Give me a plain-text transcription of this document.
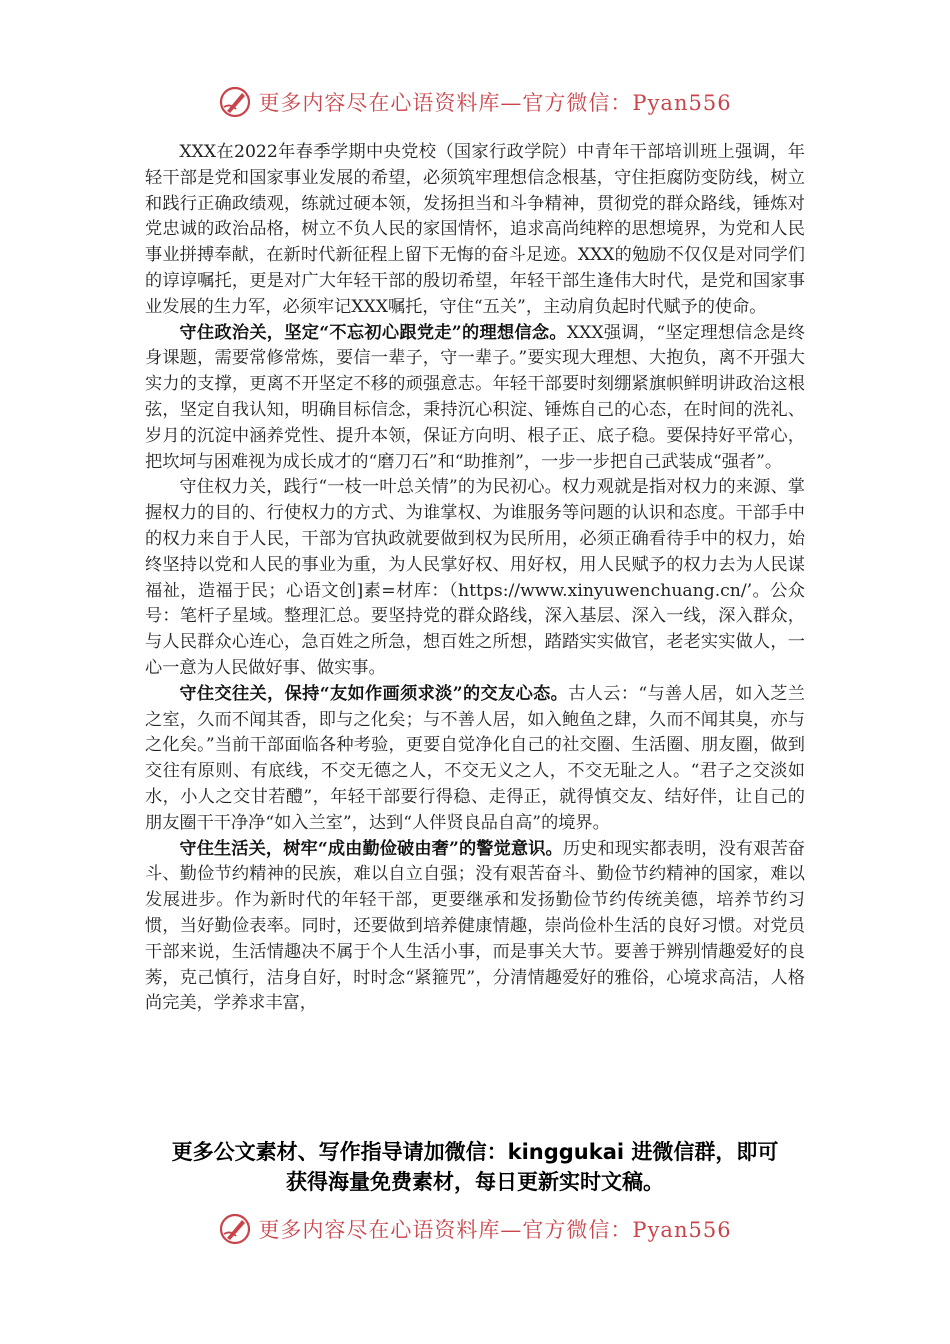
更多内容尽在心语资料库—官方微信：Pyan556

XXX在2022年春季学期中央党校（国家行政学院）中青年干部培训班上强调，年轻干部是党和国家事业发展的希望，必须筑牢理想信念根基，守住拒腐防变防线，树立和践行正确政绩观，练就过硬本领，发扬担当和斗争精神，贯彻党的群众路线，锤炼对党忠诚的政治品格，树立不负人民的家国情怀，追求高尚纯粹的思想境界，为党和人民事业拼搏奉献，在新时代新征程上留下无悔的奋斗足迹。XXX的勉励不仅仅是对同学们的谆谆嘱托，更是对广大年轻干部的殷切希望，年轻干部生逢伟大时代，是党和国家事业发展的生力军，必须牢记XXX嘱托，守住“五关”，主动肩负起时代赋予的使命。

守住政治关，坚定“不忘初心跟党走”的理想信念。XXX强调，“坚定理想信念是终身课题，需要常修常炼，要信一辈子，守一辈子。”要实现大理想、大抱负，离不开强大实力的支撑，更离不开坚定不移的顽强意志。年轻干部要时刻绷紧旗帜鲜明讲政治这根弦，坚定自我认知，明确目标信念，秉持沉心积淀、锤炼自己的心态，在时间的洗礼、岁月的沉淀中涵养党性、提升本领，保证方向明、根子正、底子稳。要保持好平常心，把坎坷与困难视为成长成才的“磨刀石”和“助推剂”，一步一步把自己武装成“强者”。

守住权力关，践行“一枝一叶总关情”的为民初心。权力观就是指对权力的来源、掌握权力的目的、行使权力的方式、为谁掌权、为谁服务等问题的认识和态度。干部手中的权力来自于人民，干部为官执政就要做到权为民所用，必须正确看待手中的权力，始终坚持以党和人民的事业为重，为人民掌好权、用好权，用人民赋予的权力去为人民谋福祉，造福于民；心语文创]素=材库：（https://www.xinyuwenchuang.cn/’。公众号：笔杆子星域。整理汇总。要坚持党的群众路线，深入基层、深入一线，深入群众，与人民群众心连心，急百姓之所急，想百姓之所想，踏踏实实做官，老老实实做人，一心一意为人民做好事、做实事。

守住交往关，保持“友如作画须求淡”的交友心态。古人云：“与善人居，如入芝兰之室，久而不闻其香，即与之化矣；与不善人居，如入鲍鱼之肆，久而不闻其臭，亦与之化矣。”当前干部面临各种考验，更要自觉净化自己的社交圈、生活圈、朋友圈，做到交往有原则、有底线，不交无德之人，不交无义之人，不交无耻之人。“君子之交淡如水，小人之交甘若醴”，年轻干部要行得稳、走得正，就得慎交友、结好伴，让自己的朋友圈干干净净“如入兰室”，达到“人伴贤良品自高”的境界。

守住生活关，树牢“成由勤俭破由奢”的警觉意识。历史和现实都表明，没有艰苦奋斗、勤俭节约精神的民族，难以自立自强；没有艰苦奋斗、勤俭节约精神的国家，难以发展进步。作为新时代的年轻干部，更要继承和发扬勤俭节约传统美德，培养节约习惯，当好勤俭表率。同时，还要做到培养健康情趣，崇尚俭朴生活的良好习惯。对党员干部来说，生活情趣决不属于个人生活小事，而是事关大节。要善于辨别情趣爱好的良莠，克己慎行，洁身自好，时时念“紧箍咒”，分清情趣爱好的雅俗，心境求高洁，人格尚完美，学养求丰富，

更多公文素材、写作指导请加微信：kinggukai 进微信群，即可
获得海量免费素材，每日更新实时文稿。
更多内容尽在心语资料库—官方微信：Pyan556
